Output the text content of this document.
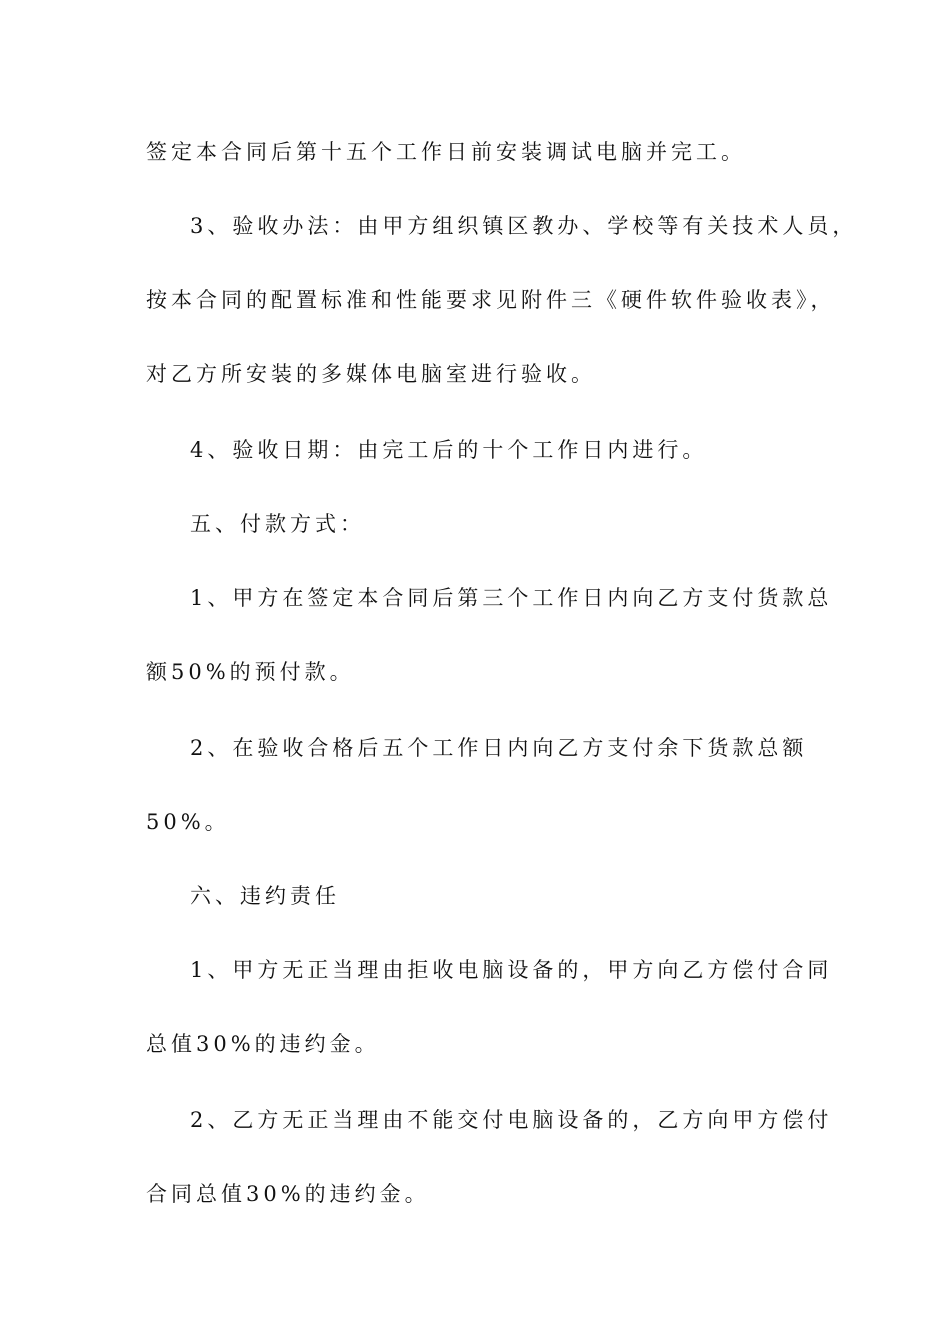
签定本合同后第十五个工作日前安装调试电脑并完工。
3、验收办法：由甲方组织镇区教办、学校等有关技术人员，
按本合同的配置标准和性能要求见附件三《硬件软件验收表》，
对乙方所安装的多媒体电脑室进行验收。
4、验收日期：由完工后的十个工作日内进行。
五、付款方式：
1、甲方在签定本合同后第三个工作日内向乙方支付货款总
额50%的预付款。
2、在验收合格后五个工作日内向乙方支付余下货款总额
50%。
六、违约责任
1、甲方无正当理由拒收电脑设备的，甲方向乙方偿付合同
总值30%的违约金。
2、乙方无正当理由不能交付电脑设备的，乙方向甲方偿付
合同总值30%的违约金。
